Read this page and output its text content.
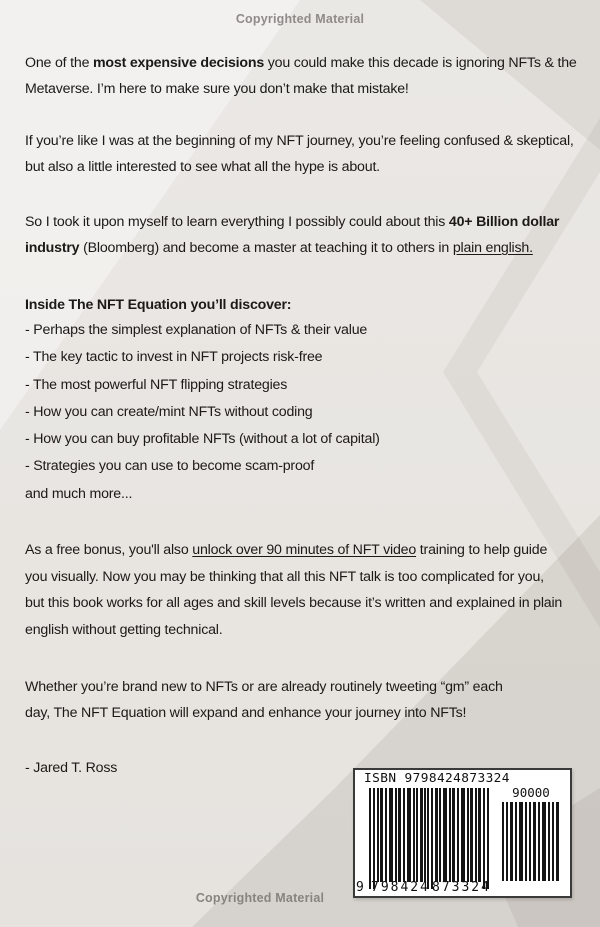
Copyrighted Material
One of the most expensive decisions you could make this decade is ignoring NFTs & the
Metaverse. I’m here to make sure you don’t make that mistake!
If you’re like I was at the beginning of my NFT journey, you’re feeling confused & skeptical,
but also a little interested to see what all the hype is about.
So I took it upon myself to learn everything I possibly could about this 40+ Billion dollar
industry (Bloomberg) and become a master at teaching it to others in plain english.
Inside The NFT Equation you’ll discover:
- Perhaps the simplest explanation of NFTs & their value
- The key tactic to invest in NFT projects risk-free
- The most powerful NFT flipping strategies
- How you can create/mint NFTs without coding
- How you can buy profitable NFTs (without a lot of capital)
- Strategies you can use to become scam-proof
and much more...
As a free bonus, you'll also unlock over 90 minutes of NFT video training to help guide
you visually. Now you may be thinking that all this NFT talk is too complicated for you,
but this book works for all ages and skill levels because it’s written and explained in plain
english without getting technical.
Whether you’re brand new to NFTs or are already routinely tweeting “gm” each
day, The NFT Equation will expand and enhance your journey into NFTs!
- Jared T. Ross
ISBN 9798424873324
9 798424 873324
90000
Copyrighted Material
